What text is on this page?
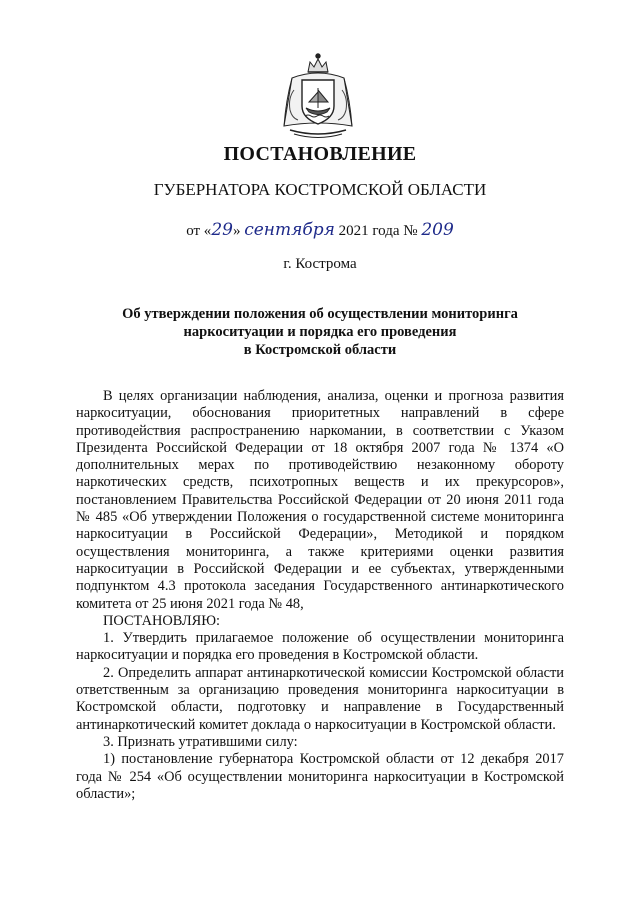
ПОСТАНОВЛЕНИЕ
ГУБЕРНАТОРА КОСТРОМСКОЙ ОБЛАСТИ
от «29» сентября 2021 года № 209
г. Кострома
Об утверждении положения об осуществлении мониторинга
наркоситуации и порядка его проведения
в Костромской области

В целях организации наблюдения, анализа, оценки и прогноза развития наркоситуации, обоснования приоритетных направлений в сфере противодействия распространению наркомании, в соответствии с Указом Президента Российской Федерации от 18 октября 2007 года № 1374 «О дополнительных мерах по противодействию незаконному обороту наркотических средств, психотропных веществ и их прекурсоров», постановлением Правительства Российской Федерации от 20 июня 2011 года № 485 «Об утверждении Положения о государственной системе мониторинга наркоситуации в Российской Федерации», Методикой и порядком осуществления мониторинга, а также критериями оценки развития наркоситуации в Российской Федерации и ее субъектах, утвержденными подпунктом 4.3 протокола заседания Государственного антинаркотического комитета от 25 июня 2021 года № 48,

ПОСТАНОВЛЯЮ:

1. Утвердить прилагаемое положение об осуществлении мониторинга наркоситуации и порядка его проведения в Костромской области.

2. Определить аппарат антинаркотической комиссии Костромской области ответственным за организацию проведения мониторинга наркоситуации в Костромской области, подготовку и направление в Государственный антинаркотический комитет доклада о наркоситуации в Костромской области.

3. Признать утратившими силу:

1) постановление губернатора Костромской области от 12 декабря 2017 года № 254 «Об осуществлении мониторинга наркоситуации в Костромской области»;
